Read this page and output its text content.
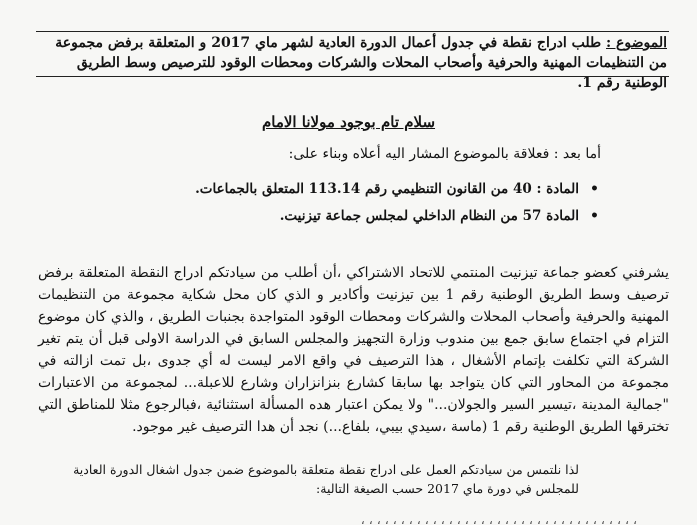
الموضوع : طلب ادراج نقطة في جدول أعمال الدورة العادية لشهر ماي 2017 و المتعلقة برفض مجموعة من التنظيمات المهنية والحرفية وأصحاب المحلات والشركات ومحطات الوقود للترصيص وسط الطريق الوطنية رقم 1.
سلام تام بوجود مولانا الامام
أما بعد : فعلاقة بالموضوع المشار اليه أعلاه وبناء على:
•
المادة : 40 من القانون التنظيمي رقم 113.14 المتعلق بالجماعات.
•
المادة 57 من النظام الداخلي لمجلس جماعة تيزنيت.

يشرفني كعضو جماعة تيزنيت المنتمي للاتحاد الاشتراكي ،أن أطلب من سيادتكم ادراج النقطة المتعلقة برفض ترصيف وسط الطريق الوطنية رقم 1 بين تيزنيت وأكادير و الذي كان محل شكاية مجموعة من التنظيمات المهنية والحرفية وأصحاب المحلات والشركات ومحطات الوقود المتواجدة بجنبات الطريق ، والذي كان موضوع التزام في اجتماع سابق جمع بين مندوب وزارة التجهيز والمجلس السابق في الدراسة الاولى قبل أن يتم تغير الشركة التي تكلفت بإتمام الأشغال ، هذا الترصيف في واقع الامر ليست له أي جدوى ،بل تمت ازالته في مجموعة من المحاور التي كان يتواجد بها سابقا كشارع بنزانزاران وشارع للاعبلة... لمجموعة من الاعتبارات "جمالية المدينة ،تيسير السير والجولان..." ولا يمكن اعتبار هده المسألة استثنائية ،فبالرجوع مثلا للمناطق التي تخترقها الطريق الوطنية رقم 1 (ماسة ،سيدي بيبي، بلفاع...) نجد أن هدا الترصيف غير موجود.

لذا نلتمس من سيادتكم العمل على ادراج نقطة متعلقة بالموضوع ضمن جدول اشغال الدورة العادية للمجلس في دورة ماي 2017 حسب الصيغة التالية:
، ، ، ، ، ، ، ، ، ، ، ، ، ، ، ، ، ، ، ، ، ، ، ، ، ، ، ، ، ، ، ، ، ، ،
